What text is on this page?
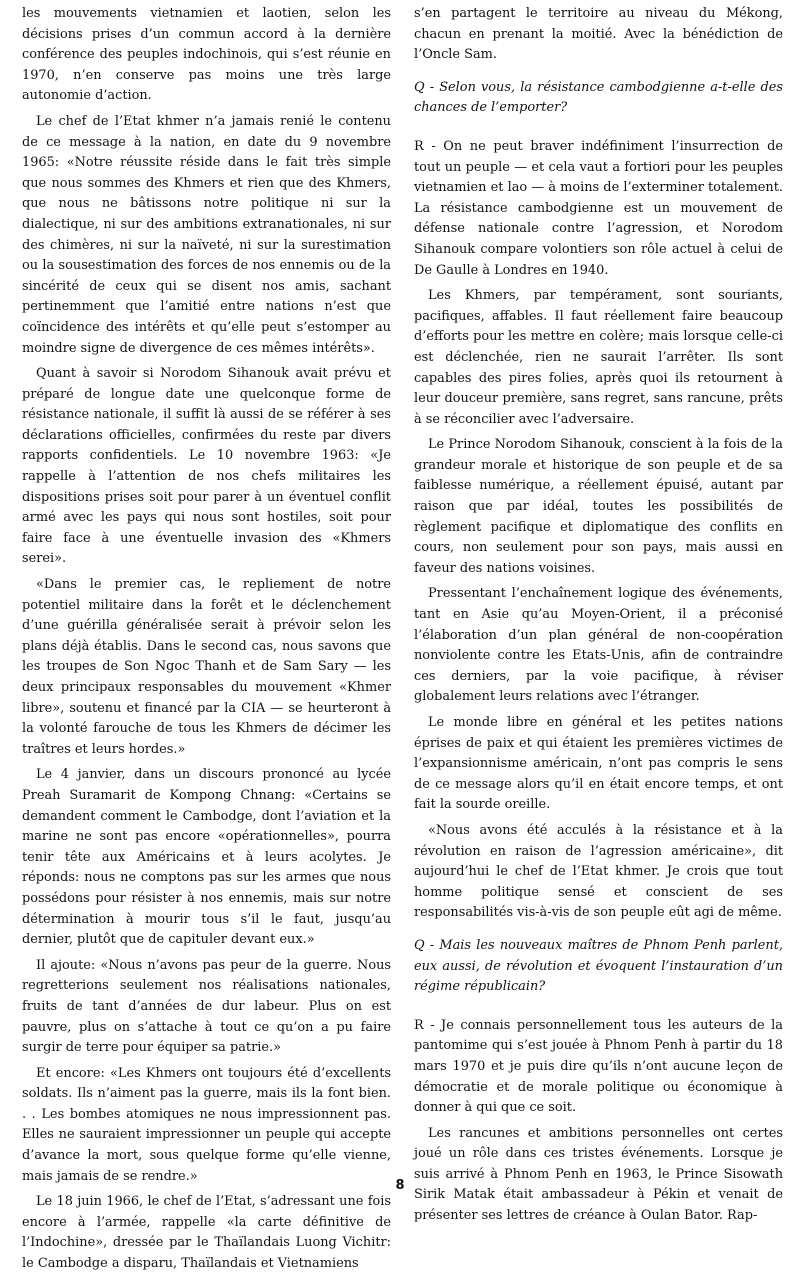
les mouvements vietnamien et laotien, selon les décisions prises d’un commun accord à la dernière conférence des peuples indochinois, qui s’est réunie en 1970, n’en conserve pas moins une très large autonomie d’action.

Le chef de l’Etat khmer n’a jamais renié le contenu de ce message à la nation, en date du 9 novembre 1965: «Notre réussite réside dans le fait très simple que nous sommes des Khmers et rien que des Khmers, que nous ne bâtissons notre politique ni sur la dialectique, ni sur des ambitions extranationales, ni sur des chimères, ni sur la naïveté, ni sur la surestimation ou la sousestimation des forces de nos ennemis ou de la sincérité de ceux qui se disent nos amis, sachant pertinemment que l’amitié entre nations n’est que coïncidence des intérêts et qu’elle peut s’estomper au moindre signe de divergence de ces mêmes intérêts».

Quant à savoir si Norodom Sihanouk avait prévu et préparé de longue date une quelconque forme de résistance nationale, il suffit là aussi de se référer à ses déclarations officielles, confirmées du reste par divers rapports confidentiels. Le 10 novembre 1963: «Je rappelle à l’attention de nos chefs militaires les dispositions prises soit pour parer à un éventuel conflit armé avec les pays qui nous sont hostiles, soit pour faire face à une éventuelle invasion des «Khmers serei».

«Dans le premier cas, le repliement de notre potentiel militaire dans la forêt et le déclenchement d’une guérilla généralisée serait à prévoir selon les plans déjà établis. Dans le second cas, nous savons que les troupes de Son Ngoc Thanh et de Sam Sary — les deux principaux responsables du mouvement «Khmer libre», soutenu et financé par la CIA — se heurteront à la volonté farouche de tous les Khmers de décimer les traîtres et leurs hordes.»

Le 4 janvier, dans un discours prononcé au lycée Preah Suramarit de Kompong Chnang: «Certains se demandent comment le Cambodge, dont l’aviation et la marine ne sont pas encore «opérationnelles», pourra tenir tête aux Américains et à leurs acolytes. Je réponds: nous ne comptons pas sur les armes que nous possédons pour résister à nos ennemis, mais sur notre détermination à mourir tous s’il le faut, jusqu’au dernier, plutôt que de capituler devant eux.»

Il ajoute: «Nous n’avons pas peur de la guerre. Nous regretterions seulement nos réalisations nationales, fruits de tant d’années de dur labeur. Plus on est pauvre, plus on s’attache à tout ce qu’on a pu faire surgir de terre pour équiper sa patrie.»

Et encore: «Les Khmers ont toujours été d’excellents soldats. Ils n’aiment pas la guerre, mais ils la font bien. . . Les bombes atomiques ne nous impressionnent pas. Elles ne sauraient impressionner un peuple qui accepte d’avance la mort, sous quelque forme qu’elle vienne, mais jamais de se rendre.»

Le 18 juin 1966, le chef de l’Etat, s’adressant une fois encore à l’armée, rappelle «la carte définitive de l’Indochine», dressée par le Thaïlandais Luong Vichitr: le Cambodge a disparu, Thaïlandais et Vietnamiens

s’en partagent le territoire au niveau du Mékong, chacun en prenant la moitié. Avec la bénédiction de l’Oncle Sam.

Q - Selon vous, la résistance cambodgienne a-t-elle des chances de l’emporter?

R - On ne peut braver indéfiniment l’insurrection de tout un peuple — et cela vaut a fortiori pour les peuples vietnamien et lao — à moins de l’exterminer totalement. La résistance cambodgienne est un mouvement de défense nationale contre l’agression, et Norodom Sihanouk compare volontiers son rôle actuel à celui de De Gaulle à Londres en 1940.

Les Khmers, par tempérament, sont souriants, pacifiques, affables. Il faut réellement faire beaucoup d’efforts pour les mettre en colère; mais lorsque celle-ci est déclenchée, rien ne saurait l’arrêter. Ils sont capables des pires folies, après quoi ils retournent à leur douceur première, sans regret, sans rancune, prêts à se réconcilier avec l’adversaire.

Le Prince Norodom Sihanouk, conscient à la fois de la grandeur morale et historique de son peuple et de sa faiblesse numérique, a réellement épuisé, autant par raison que par idéal, toutes les possibilités de règlement pacifique et diplomatique des conflits en cours, non seulement pour son pays, mais aussi en faveur des nations voisines.

Pressentant l’enchaînement logique des événements, tant en Asie qu’au Moyen-Orient, il a préconisé l’élaboration d’un plan général de non-coopération nonviolente contre les Etats-Unis, afin de contraindre ces derniers, par la voie pacifique, à réviser globalement leurs relations avec l’étranger.

Le monde libre en général et les petites nations éprises de paix et qui étaient les premières victimes de l’expansionnisme américain, n’ont pas compris le sens de ce message alors qu’il en était encore temps, et ont fait la sourde oreille.

«Nous avons été acculés à la résistance et à la révolution en raison de l’agression américaine», dit aujourd’hui le chef de l’Etat khmer. Je crois que tout homme politique sensé et conscient de ses responsabilités vis-à-vis de son peuple eût agi de même.

Q - Mais les nouveaux maîtres de Phnom Penh parlent, eux aussi, de révolution et évoquent l’instauration d’un régime républicain?

R - Je connais personnellement tous les auteurs de la pantomime qui s’est jouée à Phnom Penh à partir du 18 mars 1970 et je puis dire qu’ils n’ont aucune leçon de démocratie et de morale politique ou économique à donner à qui que ce soit.

Les rancunes et ambitions personnelles ont certes joué un rôle dans ces tristes événements. Lorsque je suis arrivé à Phnom Penh en 1963, le Prince Sisowath Sirik Matak était ambassadeur à Pékin et venait de présenter ses lettres de créance à Oulan Bator. Rap-

8
